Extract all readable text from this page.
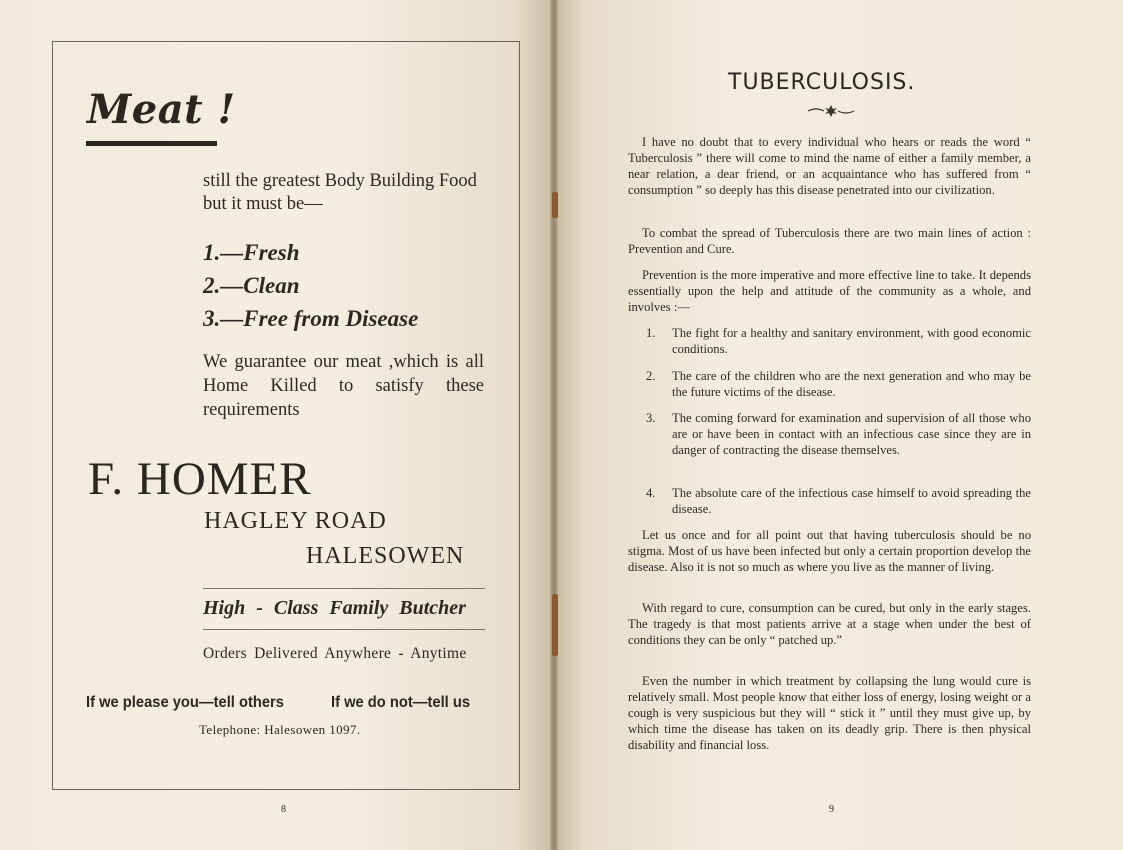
Meat !
still the greatest Body Building Food but it must be—
1.—Fresh
2.—Clean
3.—Free from Disease
We guarantee our meat ,which is all Home Killed to satisfy these requirements
F. HOMER
HAGLEY ROAD
HALESOWEN
High - Class Family Butcher
Orders Delivered Anywhere - Anytime
If we please you—tell others	If we do not—tell us
Telephone: Halesowen 1097.
8
TUBERCULOSIS.
I have no doubt that to every individual who hears or reads the word “ Tuberculosis ” there will come to mind the name of either a family member, a near relation, a dear friend, or an acquaintance who has suffered from “ consumption ” so deeply has this disease penetrated into our civilization.
To combat the spread of Tuberculosis there are two main lines of action : Prevention and Cure.
Prevention is the more imperative and more effective line to take. It depends essentially upon the help and attitude of the community as a whole, and involves :—
1. The fight for a healthy and sanitary environment, with good economic conditions.
2. The care of the children who are the next generation and who may be the future victims of the disease.
3. The coming forward for examination and supervision of all those who are or have been in contact with an infectious case since they are in danger of contracting the disease themselves.
4. The absolute care of the infectious case himself to avoid spreading the disease.
Let us once and for all point out that having tuberculosis should be no stigma. Most of us have been infected but only a certain proportion develop the disease. Also it is not so much as where you live as the manner of living.
With regard to cure, consumption can be cured, but only in the early stages. The tragedy is that most patients arrive at a stage when under the best of conditions they can be only “ patched up.”
Even the number in which treatment by collapsing the lung would cure is relatively small. Most people know that either loss of energy, losing weight or a cough is very suspicious but they will “ stick it ” until they must give up, by which time the disease has taken on its deadly grip. There is then physical disability and financial loss.
9
